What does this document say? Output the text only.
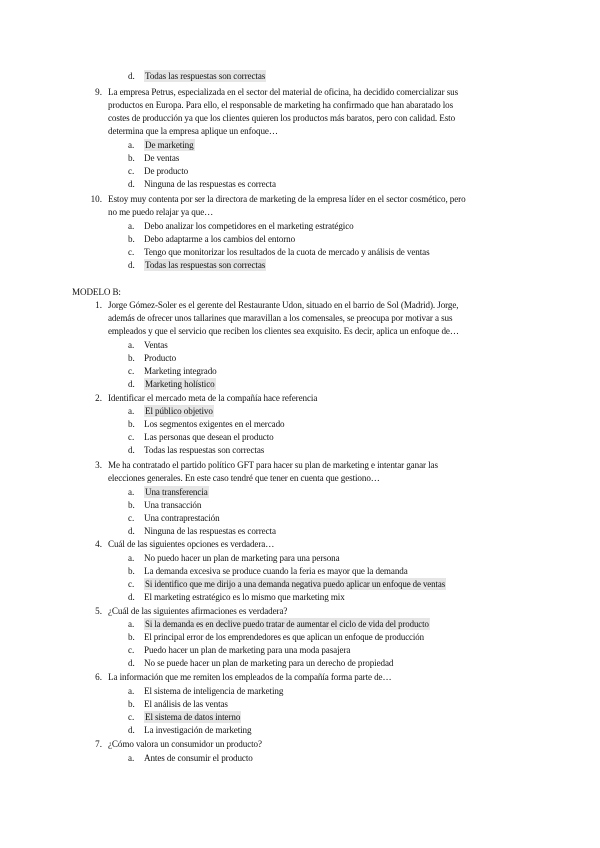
d. Todas las respuestas son correctas
9. La empresa Petrus, especializada en el sector del material de oficina, ha decidido comercializar sus
productos en Europa. Para ello, el responsable de marketing ha confirmado que han abaratado los
costes de producción ya que los clientes quieren los productos más baratos, pero con calidad. Esto
determina que la empresa aplique un enfoque…
a. De marketing
b. De ventas
c. De producto
d. Ninguna de las respuestas es correcta
10. Estoy muy contenta por ser la directora de marketing de la empresa líder en el sector cosmético, pero
no me puedo relajar ya que…
a. Debo analizar los competidores en el marketing estratégico
b. Debo adaptarme a los cambios del entorno
c. Tengo que monitorizar los resultados de la cuota de mercado y análisis de ventas
d. Todas las respuestas son correctas
MODELO B:
1. Jorge Gómez-Soler es el gerente del Restaurante Udon, situado en el barrio de Sol (Madrid). Jorge,
además de ofrecer unos tallarines que maravillan a los comensales, se preocupa por motivar a sus
empleados y que el servicio que reciben los clientes sea exquisito. Es decir, aplica un enfoque de…
a. Ventas
b. Producto
c. Marketing integrado
d. Marketing holístico
2. Identificar el mercado meta de la compañía hace referencia
a. El público objetivo
b. Los segmentos exigentes en el mercado
c. Las personas que desean el producto
d. Todas las respuestas son correctas
3. Me ha contratado el partido político GFT para hacer su plan de marketing e intentar ganar las
elecciones generales. En este caso tendré que tener en cuenta que gestiono…
a. Una transferencia
b. Una transacción
c. Una contraprestación
d. Ninguna de las respuestas es correcta
4. Cuál de las siguientes opciones es verdadera…
a. No puedo hacer un plan de marketing para una persona
b. La demanda excesiva se produce cuando la feria es mayor que la demanda
c. Si identifico que me dirijo a una demanda negativa puedo aplicar un enfoque de ventas
d. El marketing estratégico es lo mismo que marketing mix
5. ¿Cuál de las siguientes afirmaciones es verdadera?
a. Si la demanda es en declive puedo tratar de aumentar el ciclo de vida del producto
b. El principal error de los emprendedores es que aplican un enfoque de producción
c. Puedo hacer un plan de marketing para una moda pasajera
d. No se puede hacer un plan de marketing para un derecho de propiedad
6. La información que me remiten los empleados de la compañía forma parte de…
a. El sistema de inteligencia de marketing
b. El análisis de las ventas
c. El sistema de datos interno
d. La investigación de marketing
7. ¿Cómo valora un consumidor un producto?
a. Antes de consumir el producto
